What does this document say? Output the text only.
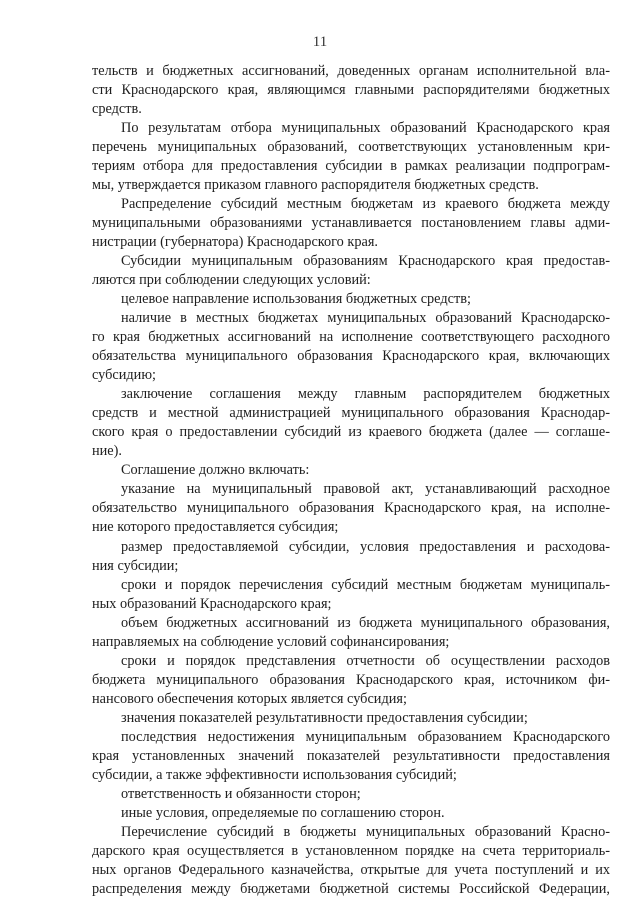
11
тельств и бюджетных ассигнований, доведенных органам исполнительной вла-
сти Краснодарского края, являющимся главными распорядителями бюджетных
средств.
По результатам отбора муниципальных образований Краснодарского края
перечень муниципальных образований, соответствующих установленным кри-
териям отбора для предоставления субсидии в рамках реализации подпрограм-
мы, утверждается приказом главного распорядителя бюджетных средств.
Распределение субсидий местным бюджетам из краевого бюджета между
муниципальными образованиями устанавливается постановлением главы адми-
нистрации (губернатора) Краснодарского края.
Субсидии муниципальным образованиям Краснодарского края предостав-
ляются при соблюдении следующих условий:
целевое направление использования бюджетных средств;
наличие в местных бюджетах муниципальных образований Краснодарско-
го края бюджетных ассигнований на исполнение соответствующего расходного
обязательства муниципального образования Краснодарского края, включающих
субсидию;
заключение соглашения между главным распорядителем бюджетных
средств и местной администрацией муниципального образования Краснодар-
ского края о предоставлении субсидий из краевого бюджета (далее — соглаше-
ние).
Соглашение должно включать:
указание на муниципальный правовой акт, устанавливающий расходное
обязательство муниципального образования Краснодарского края, на исполне-
ние которого предоставляется субсидия;
размер предоставляемой субсидии, условия предоставления и расходова-
ния субсидии;
сроки и порядок перечисления субсидий местным бюджетам муниципаль-
ных образований Краснодарского края;
объем бюджетных ассигнований из бюджета муниципального образования,
направляемых на соблюдение условий софинансирования;
сроки и порядок представления отчетности об осуществлении расходов
бюджета муниципального образования Краснодарского края, источником фи-
нансового обеспечения которых является субсидия;
значения показателей результативности предоставления субсидии;
последствия недостижения муниципальным образованием Краснодарского
края установленных значений показателей результативности предоставления
субсидии, а также эффективности использования субсидий;
ответственность и обязанности сторон;
иные условия, определяемые по соглашению сторон.
Перечисление субсидий в бюджеты муниципальных образований Красно-
дарского края осуществляется в установленном порядке на счета территориаль-
ных органов Федерального казначейства, открытые для учета поступлений и их
распределения между бюджетами бюджетной системы Российской Федерации,
